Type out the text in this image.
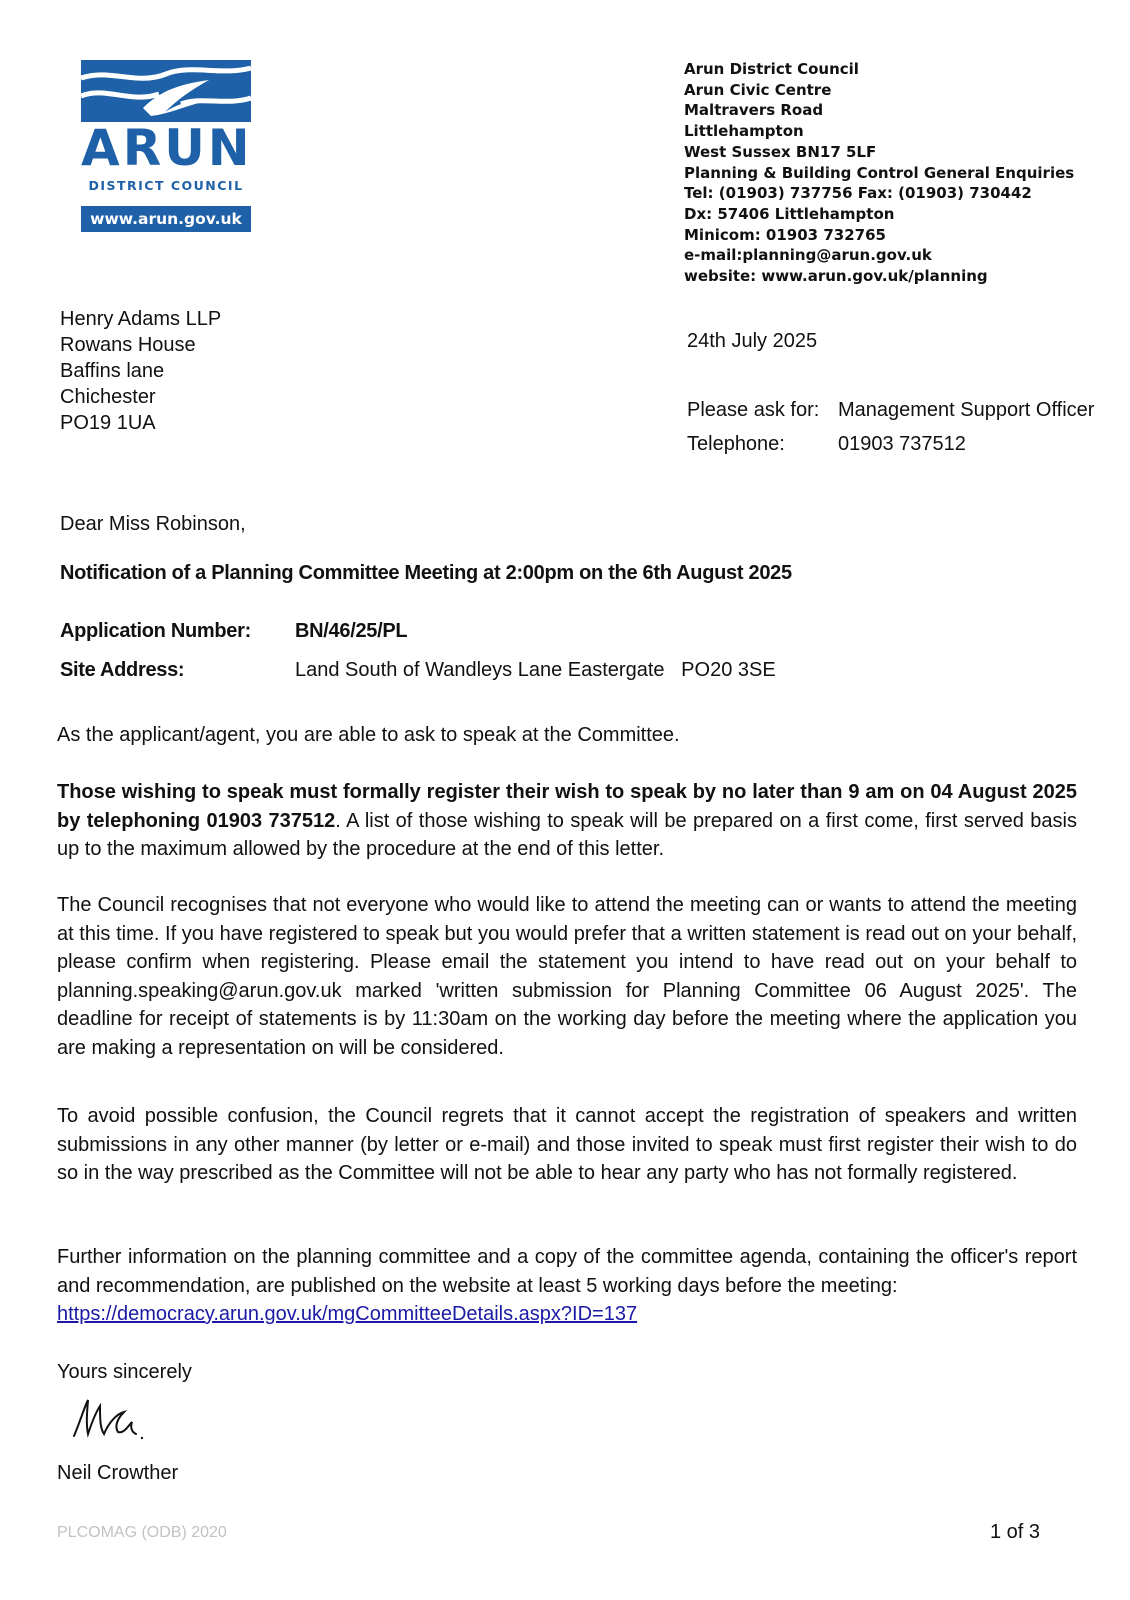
ARUN
DISTRICT COUNCIL
www.arun.gov.uk
Arun District Council
Arun Civic Centre
Maltravers Road
Littlehampton
West Sussex BN17 5LF
Planning & Building Control General Enquiries
Tel: (01903) 737756 Fax: (01903) 730442
Dx: 57406 Littlehampton
Minicom: 01903 732765
e-mail:planning@arun.gov.uk
website: www.arun.gov.uk/planning
Henry Adams LLP
Rowans House
Baffins lane
Chichester
PO19 1UA
24th July 2025
Please ask for: Management Support Officer
Telephone:	01903 737512
Dear Miss Robinson,
Notification of a Planning Committee Meeting at 2:00pm on the 6th August 2025
Application Number: BN/46/25/PL
Site Address:	Land South of Wandleys Lane Eastergate   PO20 3SE
As the applicant/agent, you are able to ask to speak at the Committee.
Those wishing to speak must formally register their wish to speak by no later than 9 am on 04 August 2025 by telephoning 01903 737512. A list of those wishing to speak will be prepared on a first come, first served basis up to the maximum allowed by the procedure at the end of this letter.
The Council recognises that not everyone who would like to attend the meeting can or wants to attend the meeting at this time. If you have registered to speak but you would prefer that a written statement is read out on your behalf, please confirm when registering. Please email the statement you intend to have read out on your behalf to planning.speaking@arun.gov.uk marked 'written submission for Planning Committee 06 August 2025'. The deadline for receipt of statements is by 11:30am on the working day before the meeting where the application you are making a representation on will be considered.
To avoid possible confusion, the Council regrets that it cannot accept the registration of speakers and written submissions in any other manner (by letter or e-mail) and those invited to speak must first register their wish to do so in the way prescribed as the Committee will not be able to hear any party who has not formally registered.
Further information on the planning committee and a copy of the committee agenda, containing the officer's report and recommendation, are published on the website at least 5 working days before the meeting:
https://democracy.arun.gov.uk/mgCommitteeDetails.aspx?ID=137
Yours sincerely
Neil Crowther
PLCOMAG (ODB) 2020	1 of 3
